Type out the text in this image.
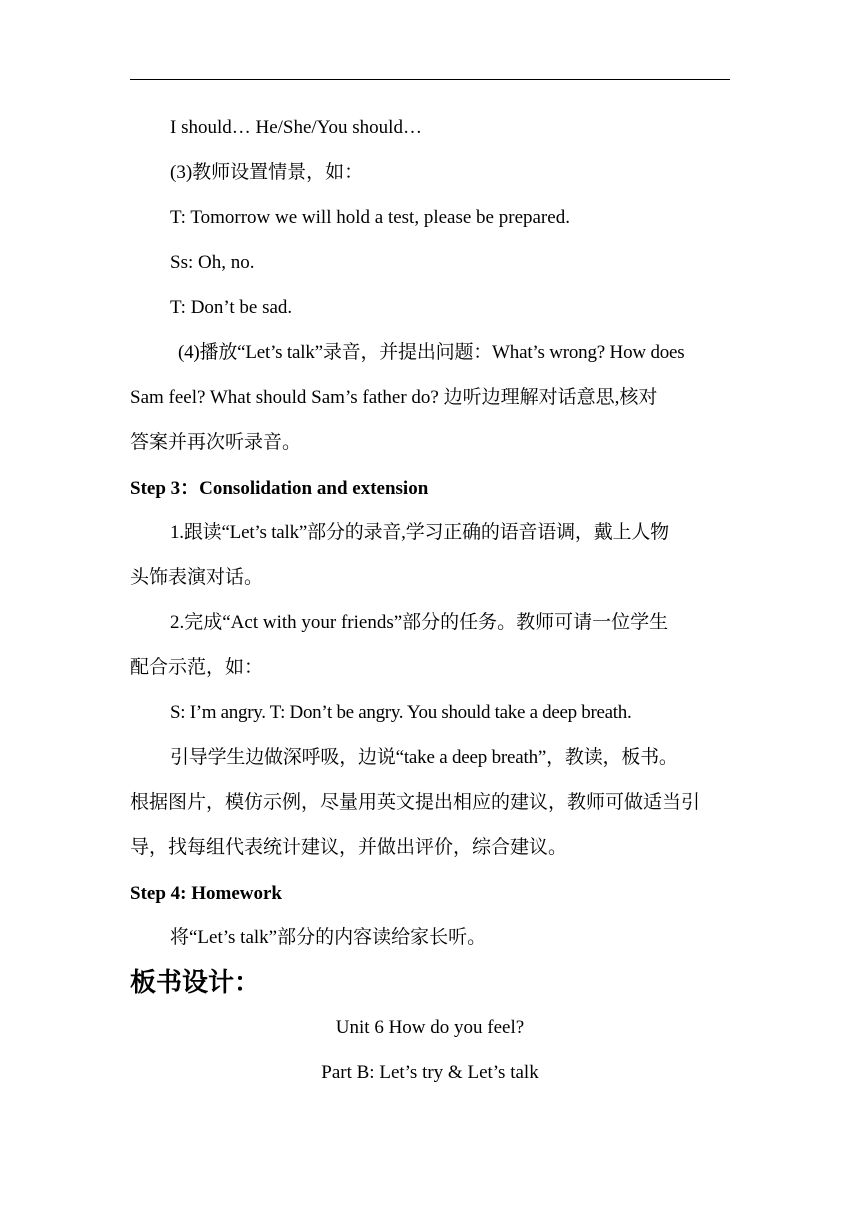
I should… He/She/You should…
(3)教师设置情景，如：
T: Tomorrow we will hold a test, please be prepared.
Ss: Oh, no.
T: Don’t be sad.
(4)播放“Let’s talk”录音，并提出问题：What’s wrong? How does
Sam feel? What should Sam’s father do? 边听边理解对话意思,核对
答案并再次听录音。
Step 3：Consolidation and extension
1.跟读“Let’s talk”部分的录音,学习正确的语音语调，戴上人物
头饰表演对话。
2.完成“Act with your friends”部分的任务。教师可请一位学生
配合示范，如：
S: I’m angry. T: Don’t be angry. You should take a deep breath.
引导学生边做深呼吸，边说“take a deep breath”，教读，板书。
根据图片，模仿示例，尽量用英文提出相应的建议，教师可做适当引
导，找每组代表统计建议，并做出评价，综合建议。
Step 4: Homework
将“Let’s talk”部分的内容读给家长听。
板书设计：
Unit 6 How do you feel?
Part B: Let’s try & Let’s talk
